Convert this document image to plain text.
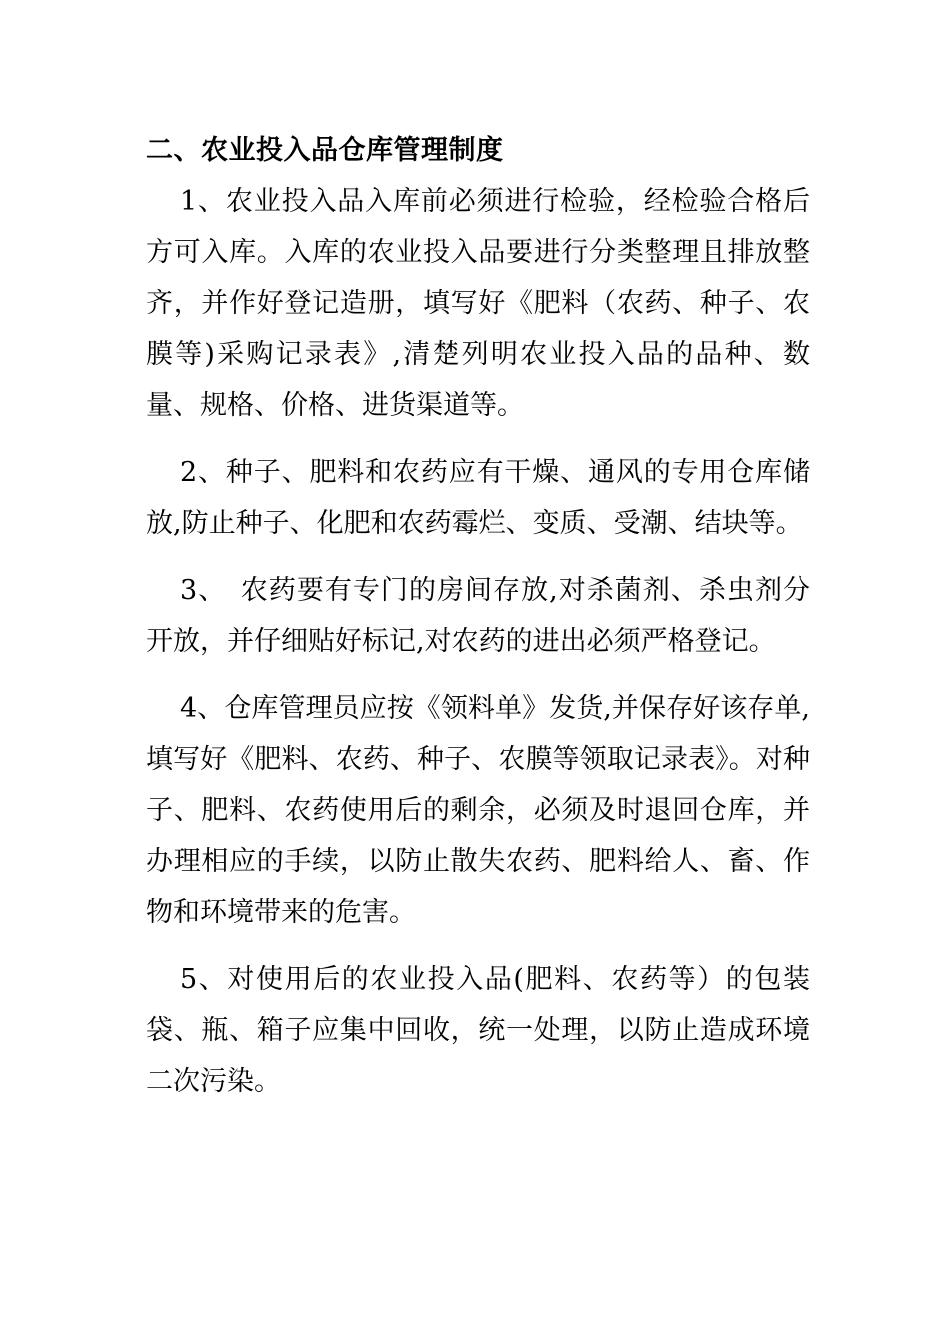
二、农业投入品仓库管理制度

1、农业投入品入库前必须进行检验，经检验合格后方可入库。入库的农业投入品要进行分类整理且排放整齐，并作好登记造册，填写好《肥料（农药、种子、农膜等)采购记录表》,清楚列明农业投入品的品种、数量、规格、价格、进货渠道等。

2、种子、肥料和农药应有干燥、通风的专用仓库储放,防止种子、化肥和农药霉烂、变质、受潮、结块等。

3、　农药要有专门的房间存放,对杀菌剂、杀虫剂分开放，并仔细贴好标记,对农药的进出必须严格登记。

4、仓库管理员应按《领料单》发货,并保存好该存单,填写好《肥料、农药、种子、农膜等领取记录表》。对种子、肥料、农药使用后的剩余，必须及时退回仓库，并办理相应的手续，以防止散失农药、肥料给人、畜、作物和环境带来的危害。

5、对使用后的农业投入品(肥料、农药等）的包装袋、瓶、箱子应集中回收，统一处理，以防止造成环境二次污染。
